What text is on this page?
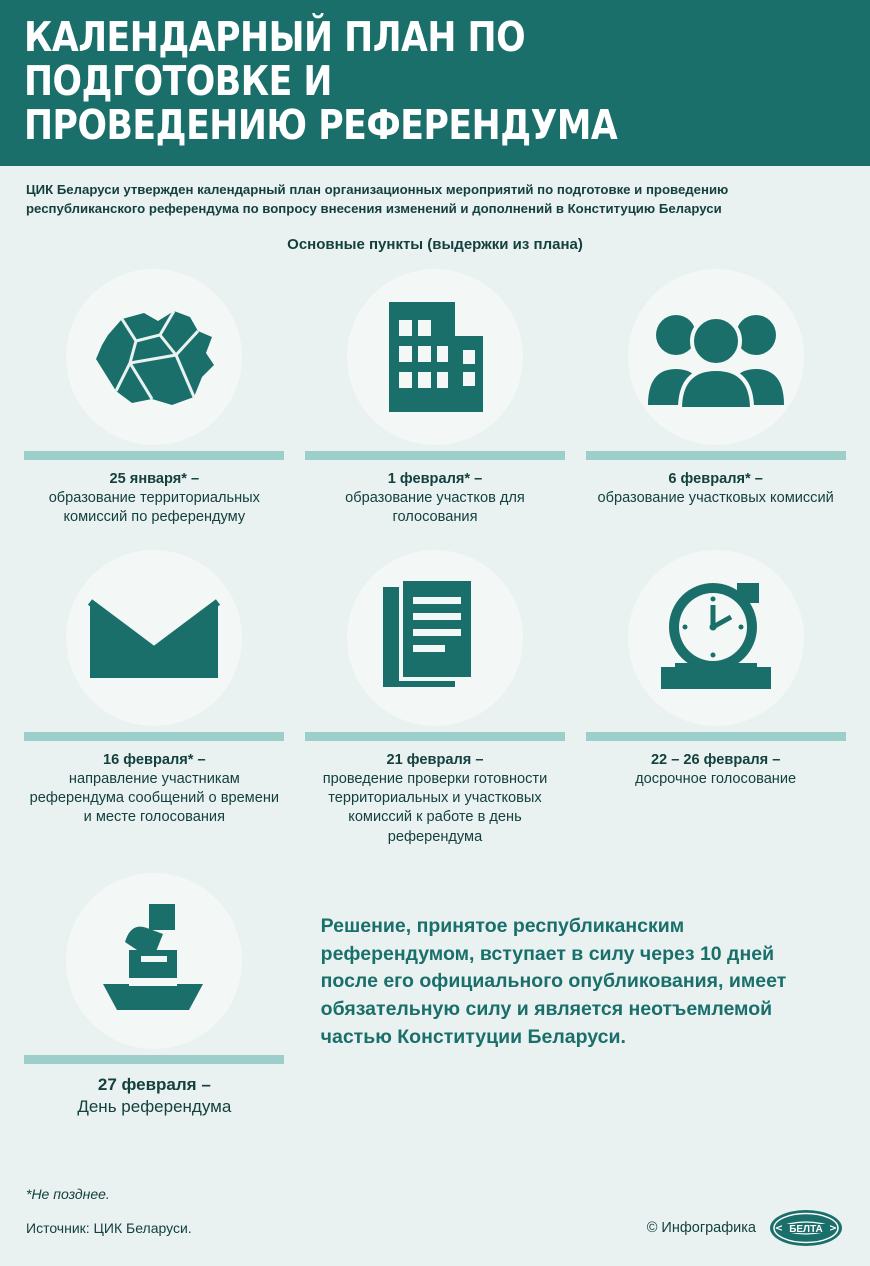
КАЛЕНДАРНЫЙ ПЛАН ПО ПОДГОТОВКЕ И
ПРОВЕДЕНИЮ РЕФЕРЕНДУМА
ЦИК Беларуси утвержден календарный план организационных мероприятий по подготовке и проведению республиканского референдума по вопросу внесения изменений и дополнений в Конституцию Беларуси
Основные пункты (выдержки из плана)
25 января* –
образование территориальных комиссий по референдуму
1 февраля* –
образование участков для голосования
6 февраля* –
образование участковых комиссий
16 февраля* –
направление участникам референдума сообщений о времени и месте голосования
21 февраля –
проведение проверки готовности территориальных и участковых комиссий к работе в день референдума
22 – 26 февраля –
досрочное голосование
27 февраля –
День референдума
Решение, принятое республиканским референдумом, вступает в силу через 10 дней после его официального опубликования, имеет обязательную силу и является неотъемлемой частью Конституции Беларуси.
*Не позднее.
Источник: ЦИК Беларуси.	© Инфографика	БЕЛТА
